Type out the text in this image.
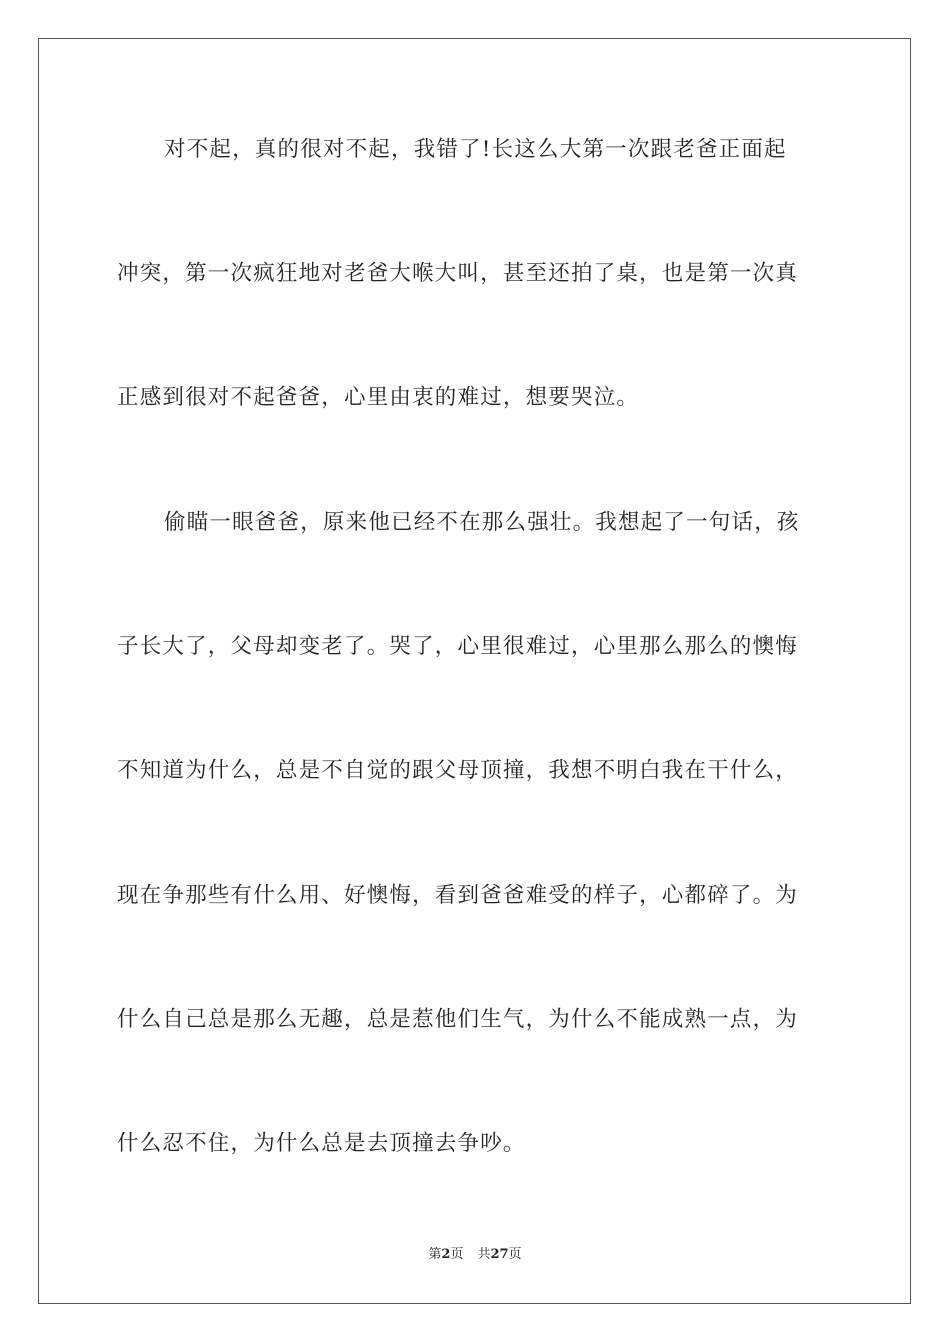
对不起，真的很对不起，我错了!长这么大第一次跟老爸正面起
冲突，第一次疯狂地对老爸大喉大叫，甚至还拍了桌，也是第一次真
正感到很对不起爸爸，心里由衷的难过，想要哭泣。
偷瞄一眼爸爸，原来他已经不在那么强壮。我想起了一句话，孩
子长大了，父母却变老了。哭了，心里很难过，心里那么那么的懊悔
不知道为什么，总是不自觉的跟父母顶撞，我想不明白我在干什么，
现在争那些有什么用、好懊悔，看到爸爸难受的样子，心都碎了。为
什么自己总是那么无趣，总是惹他们生气，为什么不能成熟一点，为
什么忍不住，为什么总是去顶撞去争吵。
第2页 共27页
